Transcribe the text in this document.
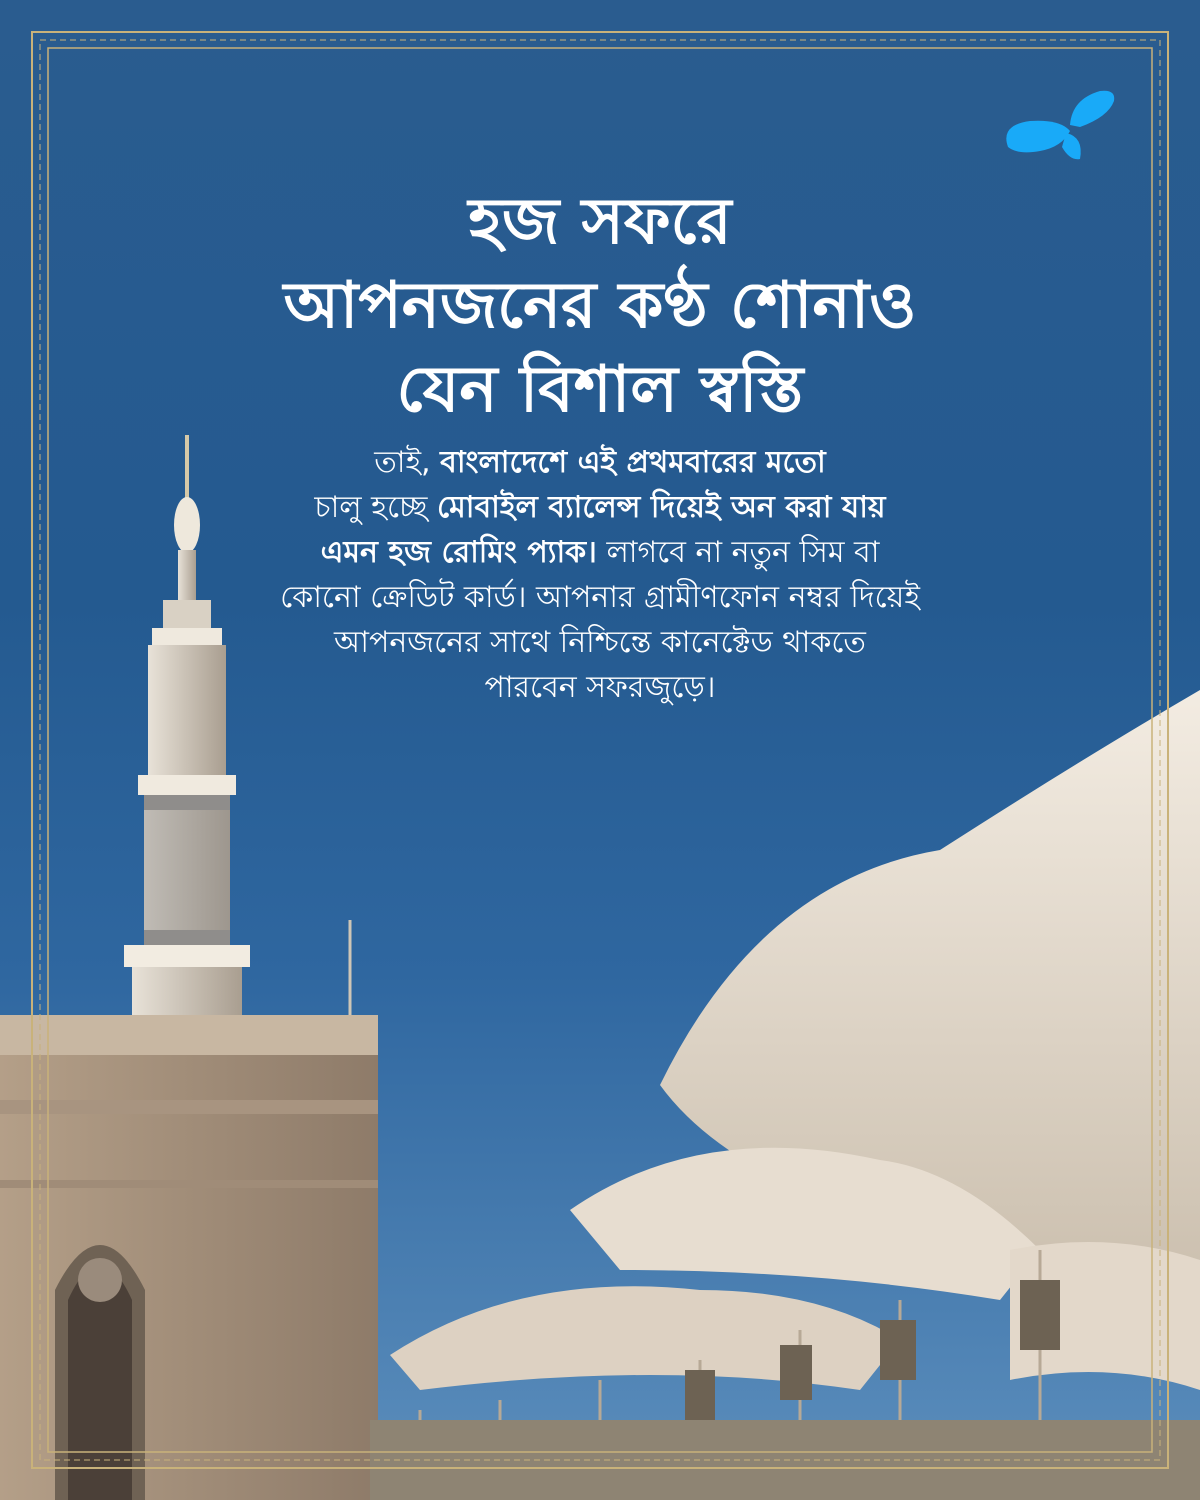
হজ সফরে
আপনজনের কণ্ঠ শোনাও
যেন বিশাল স্বস্তি
তাই, বাংলাদেশে এই প্রথমবারের মতো
চালু হচ্ছে মোবাইল ব্যালেন্স দিয়েই অন করা যায়
এমন হজ রোমিং প্যাক। লাগবে না নতুন সিম বা
কোনো ক্রেডিট কার্ড। আপনার গ্রামীণফোন নম্বর দিয়েই
আপনজনের সাথে নিশ্চিন্তে কানেক্টেড থাকতে
পারবেন সফরজুড়ে।
